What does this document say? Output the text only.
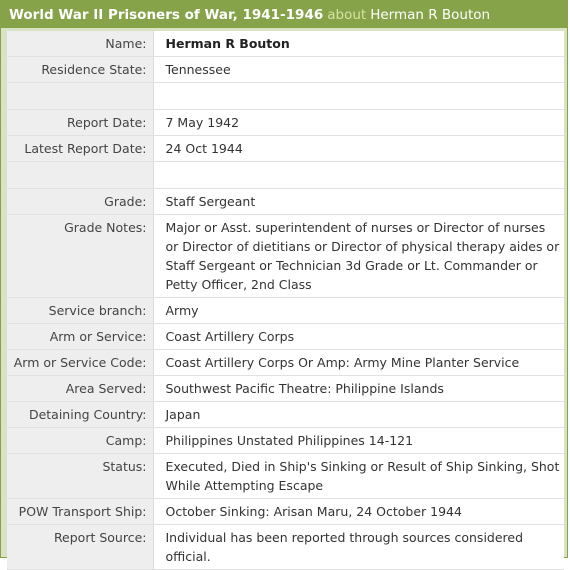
World War II Prisoners of War, 1941-1946 about Herman R Bouton
Name:	Herman R Bouton
Residence State:	Tennessee

Report Date:	7 May 1942
Latest Report Date:	24 Oct 1944

Grade:	Staff Sergeant
Grade Notes:	Major or Asst. superintendent of nurses or Director of nurses or Director of dietitians or Director of physical therapy aides or Staff Sergeant or Technician 3d Grade or Lt. Commander or Petty Officer, 2nd Class
Service branch:	Army
Arm or Service:	Coast Artillery Corps
Arm or Service Code:	Coast Artillery Corps Or Amp: Army Mine Planter Service
Area Served:	Southwest Pacific Theatre: Philippine Islands
Detaining Country:	Japan
Camp:	Philippines Unstated Philippines 14-121
Status:	Executed, Died in Ship's Sinking or Result of Ship Sinking, Shot While Attempting Escape
POW Transport Ship:	October Sinking: Arisan Maru, 24 October 1944
Report Source:	Individual has been reported through sources considered official.
